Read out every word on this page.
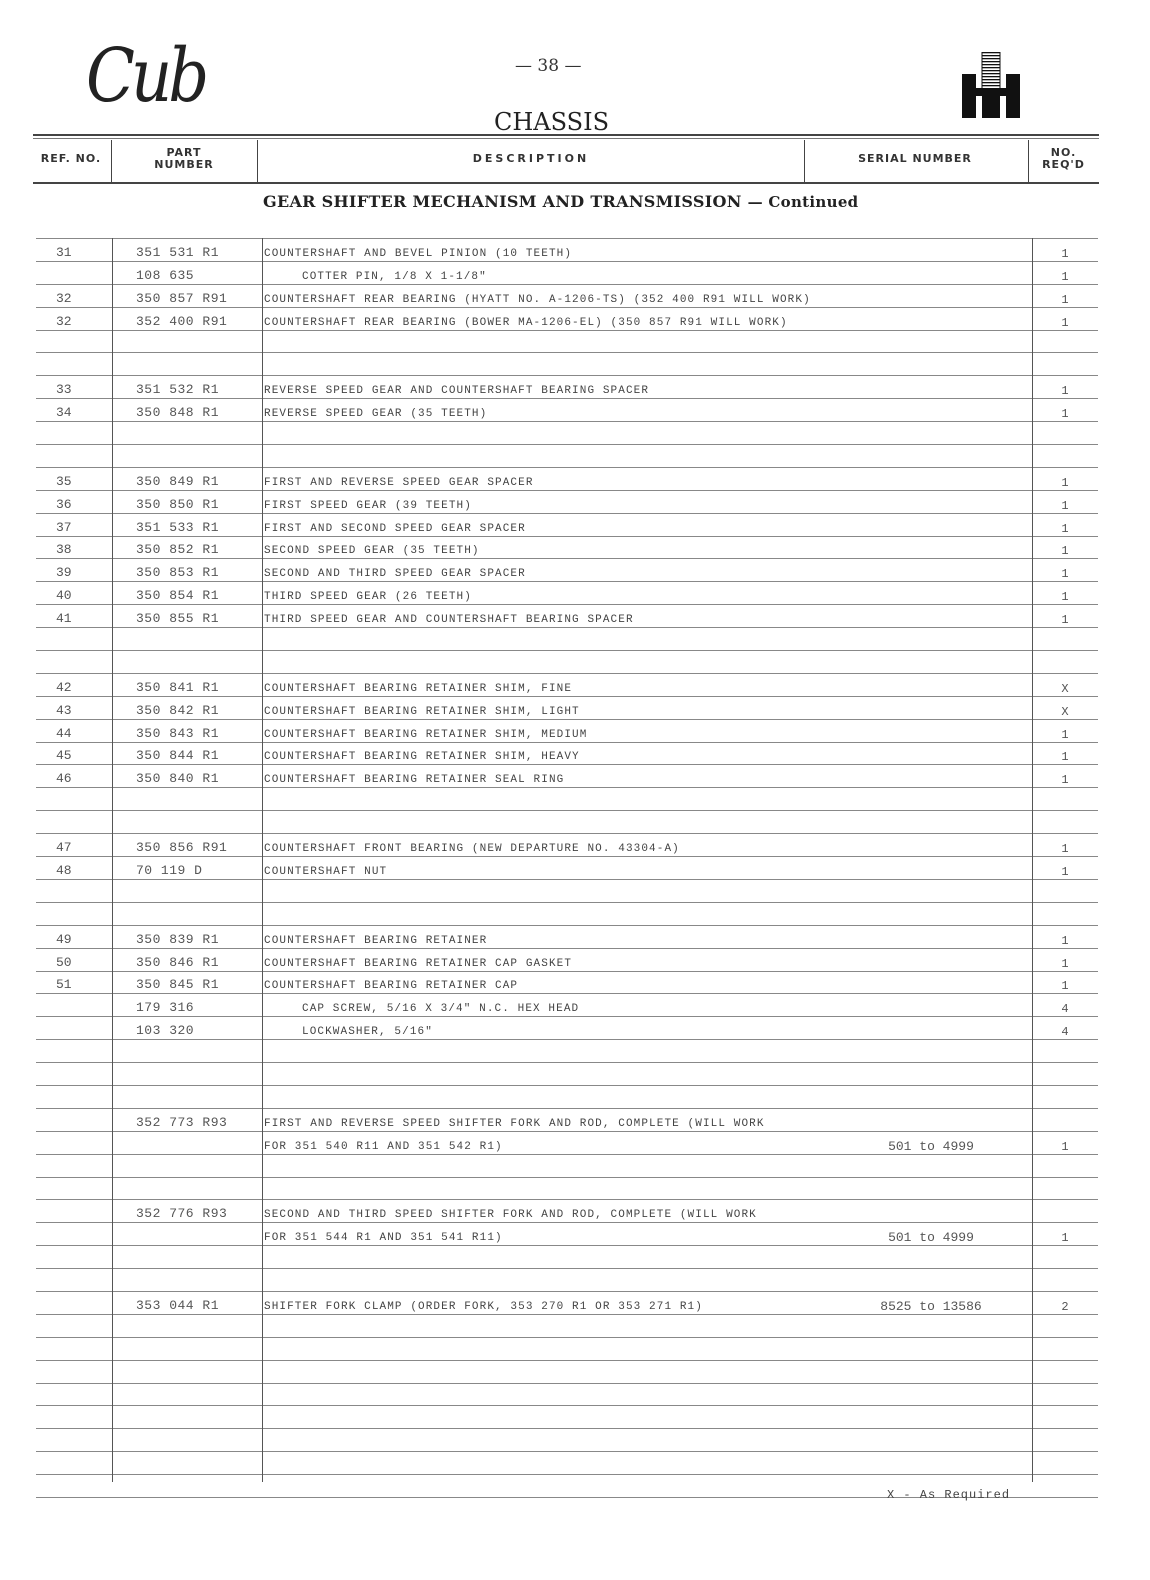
Cub	— 38 —
CHASSIS
REF. NO.	PART NUMBER	DESCRIPTION	SERIAL NUMBER	NO. REQ'D
GEAR SHIFTER MECHANISM AND TRANSMISSION — Continued
31	351 531 R1	COUNTERSHAFT AND BEVEL PINION (10 TEETH)	1
108 635	COTTER PIN, 1/8 X 1-1/8"	1
32	350 857 R91	COUNTERSHAFT REAR BEARING (HYATT NO. A-1206-TS) (352 400 R91 WILL WORK)	1
32	352 400 R91	COUNTERSHAFT REAR BEARING (BOWER MA-1206-EL) (350 857 R91 WILL WORK)	1
33	351 532 R1	REVERSE SPEED GEAR AND COUNTERSHAFT BEARING SPACER	1
34	350 848 R1	REVERSE SPEED GEAR (35 TEETH)	1
35	350 849 R1	FIRST AND REVERSE SPEED GEAR SPACER	1
36	350 850 R1	FIRST SPEED GEAR (39 TEETH)	1
37	351 533 R1	FIRST AND SECOND SPEED GEAR SPACER	1
38	350 852 R1	SECOND SPEED GEAR (35 TEETH)	1
39	350 853 R1	SECOND AND THIRD SPEED GEAR SPACER	1
40	350 854 R1	THIRD SPEED GEAR (26 TEETH)	1
41	350 855 R1	THIRD SPEED GEAR AND COUNTERSHAFT BEARING SPACER	1
42	350 841 R1	COUNTERSHAFT BEARING RETAINER SHIM, FINE	X
43	350 842 R1	COUNTERSHAFT BEARING RETAINER SHIM, LIGHT	X
44	350 843 R1	COUNTERSHAFT BEARING RETAINER SHIM, MEDIUM	1
45	350 844 R1	COUNTERSHAFT BEARING RETAINER SHIM, HEAVY	1
46	350 840 R1	COUNTERSHAFT BEARING RETAINER SEAL RING	1
47	350 856 R91	COUNTERSHAFT FRONT BEARING (NEW DEPARTURE NO. 43304-A)	1
48	70 119 D	COUNTERSHAFT NUT	1
49	350 839 R1	COUNTERSHAFT BEARING RETAINER	1
50	350 846 R1	COUNTERSHAFT BEARING RETAINER CAP GASKET	1
51	350 845 R1	COUNTERSHAFT BEARING RETAINER CAP	1
179 316	CAP SCREW, 5/16 X 3/4" N.C. HEX HEAD	4
103 320	LOCKWASHER, 5/16"	4
352 773 R93	FIRST AND REVERSE SPEED SHIFTER FORK AND ROD, COMPLETE (WILL WORK
FOR 351 540 R11 AND 351 542 R1)	501 to 4999	1
352 776 R93	SECOND AND THIRD SPEED SHIFTER FORK AND ROD, COMPLETE (WILL WORK
FOR 351 544 R1 AND 351 541 R11)	501 to 4999	1
353 044 R1	SHIFTER FORK CLAMP (ORDER FORK, 353 270 R1 OR 353 271 R1)	8525 to 13586	2
X - As Required
